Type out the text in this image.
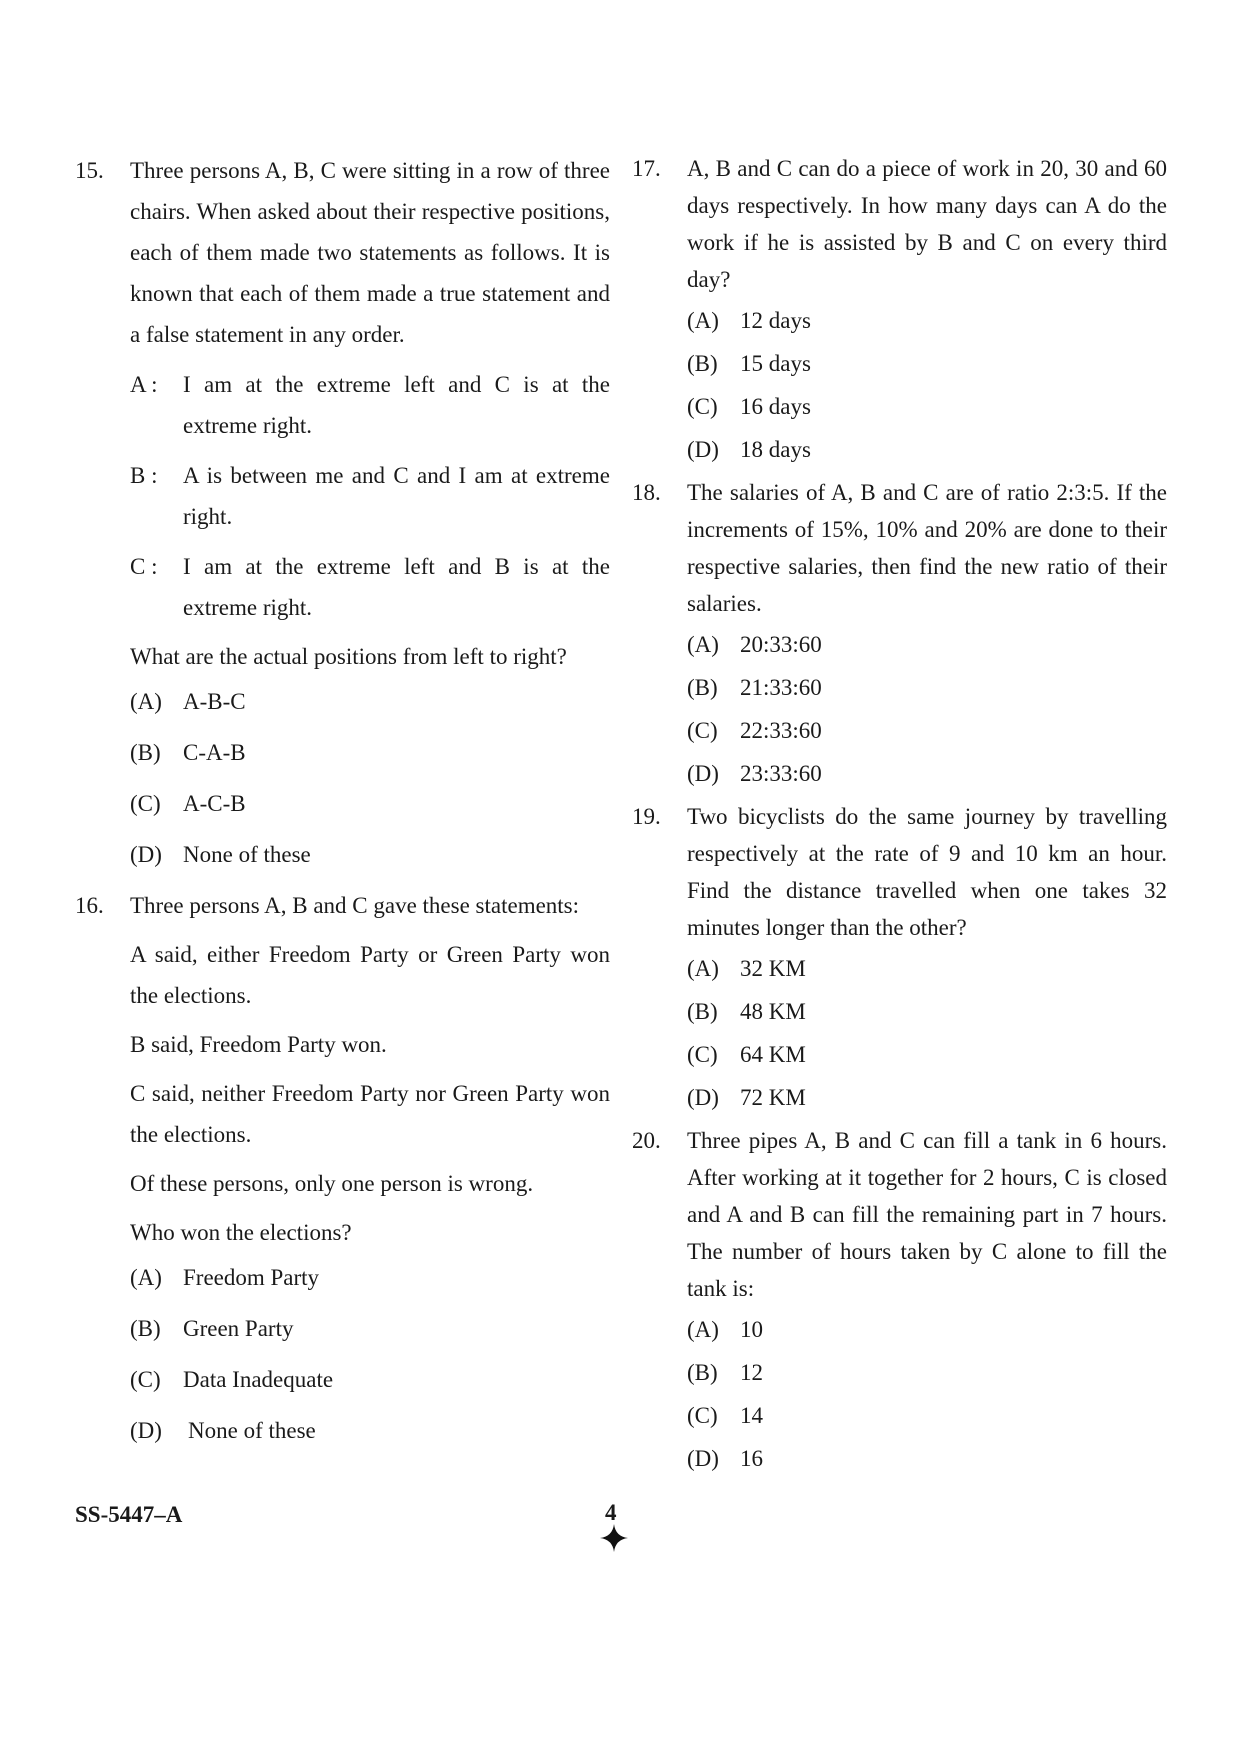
15. Three persons A, B, C were sitting in a row of three chairs. When asked about their respective positions, each of them made two statements as follows. It is known that each of them made a true statement and a false statement in any order.
A : I am at the extreme left and C is at the extreme right.
B : A is between me and C and I am at extreme right.
C : I am at the extreme left and B is at the extreme right.
What are the actual positions from left to right?
(A) A-B-C
(B) C-A-B
(C) A-C-B
(D) None of these
16. Three persons A, B and C gave these statements:
A said, either Freedom Party or Green Party won the elections.
B said, Freedom Party won.
C said, neither Freedom Party nor Green Party won the elections.
Of these persons, only one person is wrong.
Who won the elections?
(A) Freedom Party
(B) Green Party
(C) Data Inadequate
(D) None of these
17. A, B and C can do a piece of work in 20, 30 and 60 days respectively. In how many days can A do the work if he is assisted by B and C on every third day?
(A) 12 days
(B) 15 days
(C) 16 days
(D) 18 days
18. The salaries of A, B and C are of ratio 2:3:5. If the increments of 15%, 10% and 20% are done to their respective salaries, then find the new ratio of their salaries.
(A) 20:33:60
(B) 21:33:60
(C) 22:33:60
(D) 23:33:60
19. Two bicyclists do the same journey by travelling respectively at the rate of 9 and 10 km an hour. Find the distance travelled when one takes 32 minutes longer than the other?
(A) 32 KM
(B) 48 KM
(C) 64 KM
(D) 72 KM
20. Three pipes A, B and C can fill a tank in 6 hours. After working at it together for 2 hours, C is closed and A and B can fill the remaining part in 7 hours. The number of hours taken by C alone to fill the tank is:
(A) 10
(B) 12
(C) 14
(D) 16
SS-5447–A	4
